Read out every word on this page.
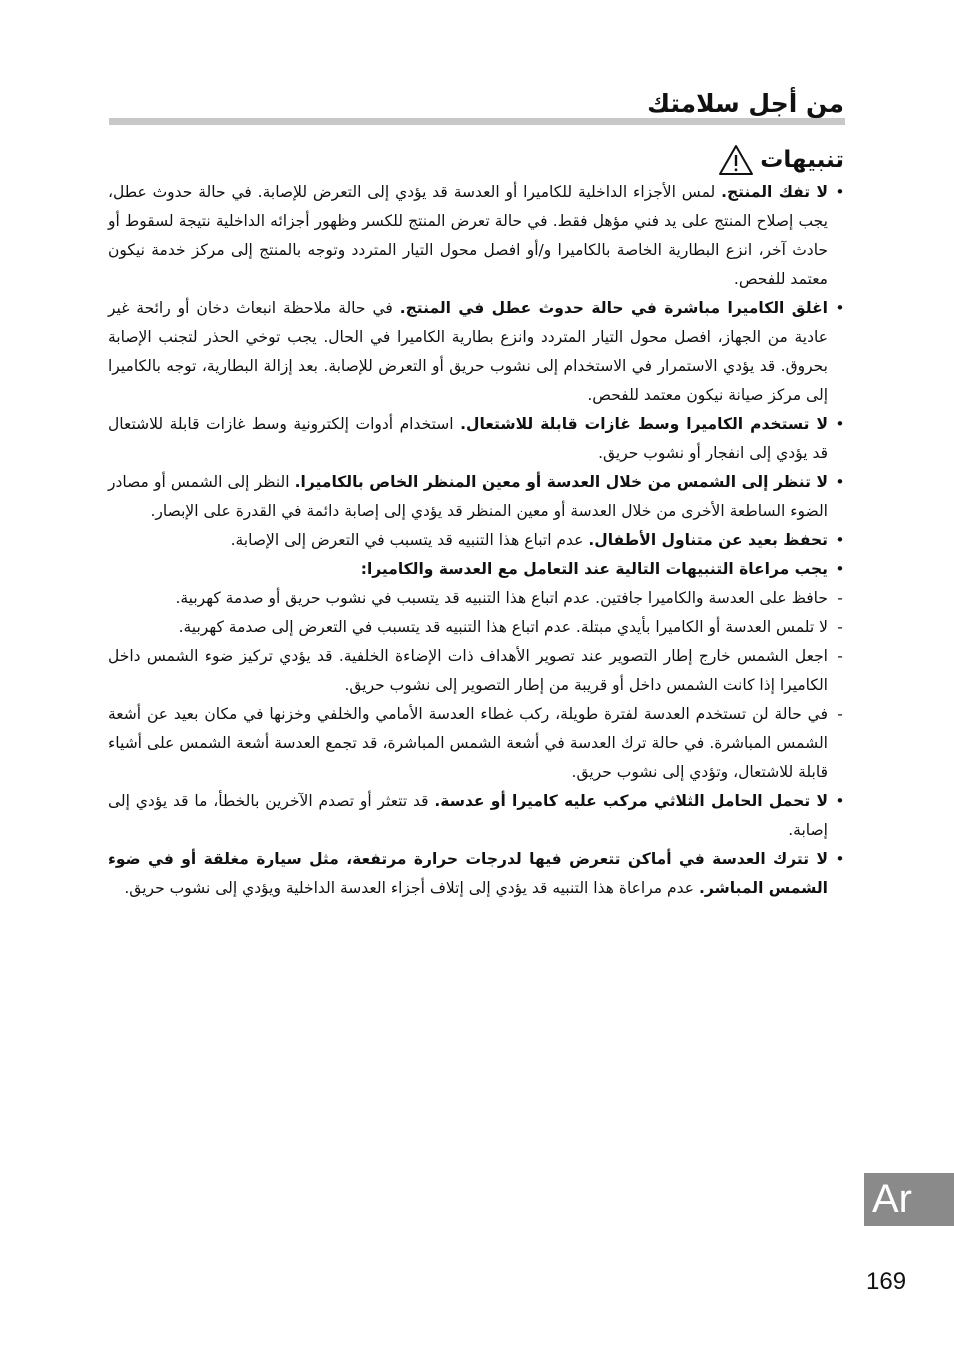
من أجل سلامتك
تنبيهات
•
لا تفك المنتج. لمس الأجزاء الداخلية للكاميرا أو العدسة قد يؤدي إلى التعرض للإصابة. في حالة حدوث عطل، يجب إصلاح المنتج على يد فني مؤهل فقط. في حالة تعرض المنتج للكسر وظهور أجزائه الداخلية نتيجة لسقوط أو حادث آخر، انزع البطارية الخاصة بالكاميرا و/أو افصل محول التيار المتردد وتوجه بالمنتج إلى مركز خدمة نيكون معتمد للفحص.
•
اغلق الكاميرا مباشرة في حالة حدوث عطل في المنتج. في حالة ملاحظة انبعاث دخان أو رائحة غير عادية من الجهاز، افصل محول التيار المتردد وانزع بطارية الكاميرا في الحال. يجب توخي الحذر لتجنب الإصابة بحروق. قد يؤدي الاستمرار في الاستخدام إلى نشوب حريق أو التعرض للإصابة. بعد إزالة البطارية، توجه بالكاميرا إلى مركز صيانة نيكون معتمد للفحص.
•
لا تستخدم الكاميرا وسط غازات قابلة للاشتعال. استخدام أدوات إلكترونية وسط غازات قابلة للاشتعال قد يؤدي إلى انفجار أو نشوب حريق.
•
لا تنظر إلى الشمس من خلال العدسة أو معين المنظر الخاص بالكاميرا. النظر إلى الشمس أو مصادر الضوء الساطعة الأخرى من خلال العدسة أو معين المنظر قد يؤدي إلى إصابة دائمة في القدرة على الإبصار.
•
تحفظ بعيد عن متناول الأطفال. عدم اتباع هذا التنبيه قد يتسبب في التعرض إلى الإصابة.
•
يجب مراعاة التنبيهات التالية عند التعامل مع العدسة والكاميرا:
-
حافظ على العدسة والكاميرا جافتين. عدم اتباع هذا التنبيه قد يتسبب في نشوب حريق أو صدمة كهربية.
-
لا تلمس العدسة أو الكاميرا بأيدي مبتلة. عدم اتباع هذا التنبيه قد يتسبب في التعرض إلى صدمة كهربية.
-
اجعل الشمس خارج إطار التصوير عند تصوير الأهداف ذات الإضاءة الخلفية. قد يؤدي تركيز ضوء الشمس داخل الكاميرا إذا كانت الشمس داخل أو قريبة من إطار التصوير إلى نشوب حريق.
-
في حالة لن تستخدم العدسة لفترة طويلة، ركب غطاء العدسة الأمامي والخلفي وخزنها في مكان بعيد عن أشعة الشمس المباشرة. في حالة ترك العدسة في أشعة الشمس المباشرة، قد تجمع العدسة أشعة الشمس على أشياء قابلة للاشتعال، وتؤدي إلى نشوب حريق.
•
لا تحمل الحامل الثلاثي مركب عليه كاميرا أو عدسة. قد تتعثر أو تصدم الآخرين بالخطأ، ما قد يؤدي إلى إصابة.
•
لا تترك العدسة في أماكن تتعرض فيها لدرجات حرارة مرتفعة، مثل سيارة مغلقة أو في ضوء الشمس المباشر. عدم مراعاة هذا التنبيه قد يؤدي إلى إتلاف أجزاء العدسة الداخلية ويؤدي إلى نشوب حريق.
Ar
169
